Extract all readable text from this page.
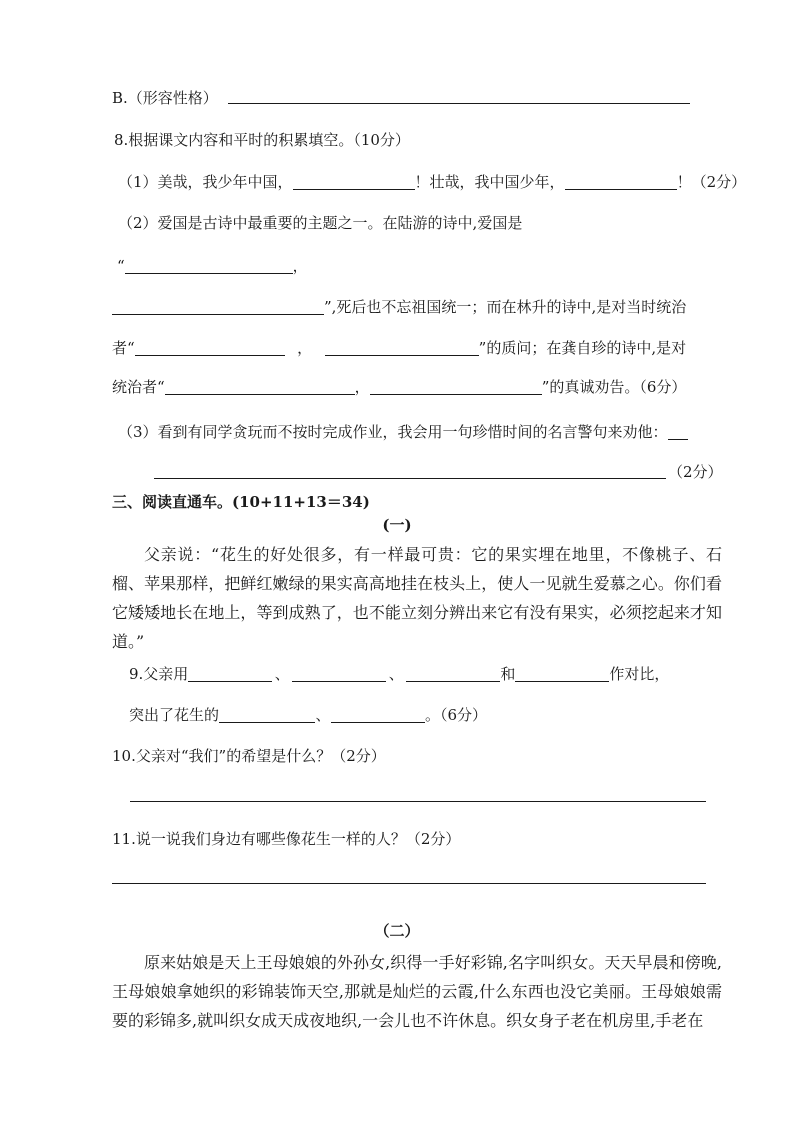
B.（形容性格）
8.根据课文内容和平时的积累填空。（10分）
（1）美哉，我少年中国，	！壮哉，我中国少年，	！（2分）
（2）爱国是古诗中最重要的主题之一。在陆游的诗中,爱国是
“	，
”,死后也不忘祖国统一；而在林升的诗中,是对当时统治
者“	，	”的质问；在龚自珍的诗中,是对
统治者“	，	”的真诚劝告。（6分）
（3）看到有同学贪玩而不按时完成作业，我会用一句珍惜时间的名言警句来劝他：
（2分）
三、阅读直通车。(10+11+13＝34)
(一)
父亲说：“花生的好处很多，有一样最可贵：它的果实埋在地里，不像桃子、石榴、苹果那样，把鲜红嫩绿的果实高高地挂在枝头上，使人一见就生爱慕之心。你们看它矮矮地长在地上，等到成熟了，也不能立刻分辨出来它有没有果实，必须挖起来才知道。”
9.父亲用	、	、	和	作对比，
突出了花生的	、	。（6分）
10.父亲对“我们”的希望是什么？（2分）
11.说一说我们身边有哪些像花生一样的人？（2分）
（二）
原来姑娘是天上王母娘娘的外孙女,织得一手好彩锦,名字叫织女。天天早晨和傍晚,王母娘娘拿她织的彩锦装饰天空,那就是灿烂的云霞,什么东西也没它美丽。王母娘娘需要的彩锦多,就叫织女成天成夜地织,一会儿也不许休息。织女身子老在机房里,手老在
